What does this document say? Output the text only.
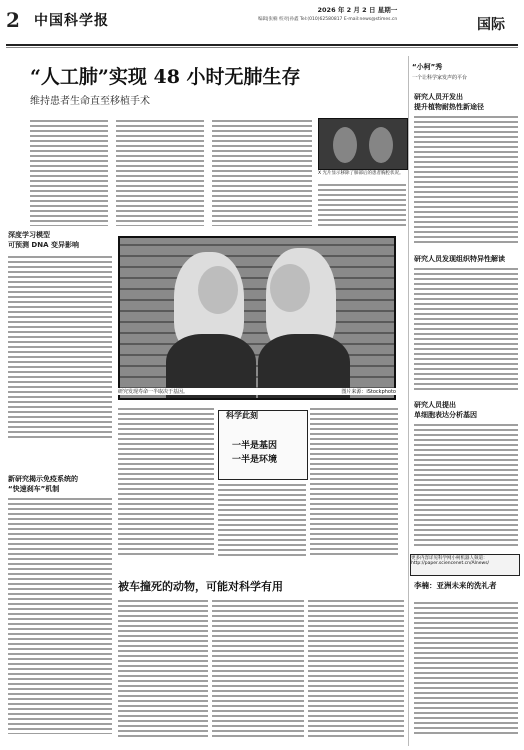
2 中国科学报
2026 年 2 月 2 日 星期一
编辑|张楠 校对|孙鑫 Tel:(010)62580817 E-mail:news@stimes.cn	国际
“人工肺”实现 48 小时无肺生存
维持患者生命直至移植手术
X 光片显示移除了肺部后的患者胸腔状况。
深度学习模型
可预测 DNA 变异影响
新研究揭示免疫系统的
“快速刹车”机制
研究发现寿命一半取决于基因。	图片来源：iStockphoto
科学此刻
一半是基因
一半是环境
“小柯”秀
一个让科学家发声的平台
研究人员开发出
提升植物耐热性新途径
研究人员发现组织特异性解读
研究人员提出
单细胞表达分析基因
更多内容详见科学网小柯机器人频道：http://paper.sciencenet.cn/AInews/
李楠：亚洲未来的洗礼者
被车撞死的动物，可能对科学有用
